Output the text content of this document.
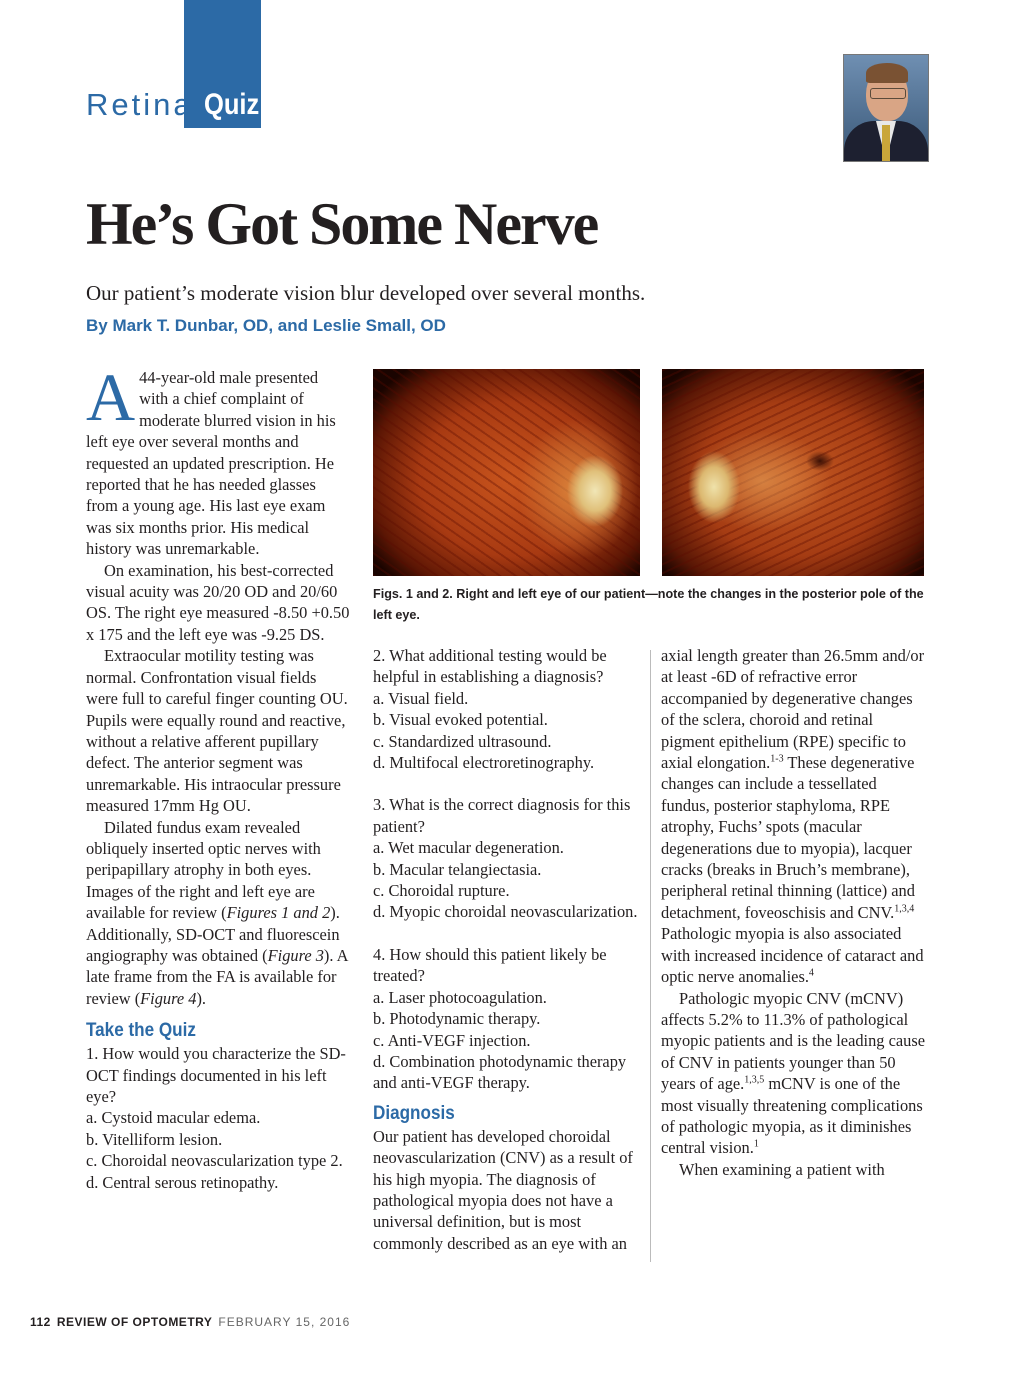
Retina Quiz
He’s Got Some Nerve
Our patient’s moderate vision blur developed over several months.
By Mark T. Dunbar, OD, and Leslie Small, OD

A 44-year-old male presented with a chief complaint of moderate blurred vision in his left eye over several months and requested an updated prescription. He reported that he has needed glasses from a young age. His last eye exam was six months prior. His medical history was unremarkable.

On examination, his best-corrected visual acuity was 20/20 OD and 20/60 OS. The right eye measured -8.50 +0.50 x 175 and the left eye was -9.25 DS.

Extraocular motility testing was normal. Confrontation visual fields were full to careful finger counting OU. Pupils were equally round and reactive, without a relative afferent pupillary defect. The anterior segment was unremarkable. His intraocular pressure measured 17mm Hg OU.

Dilated fundus exam revealed obliquely inserted optic nerves with peripapillary atrophy in both eyes. Images of the right and left eye are available for review (Figures 1 and 2). Additionally, SD-OCT and fluorescein angiography was obtained (Figure 3). A late frame from the FA is available for review (Figure 4).

Take the Quiz

1. How would you characterize the SD-OCT findings documented in his left eye?

a. Cystoid macular edema.

b. Vitelliform lesion.

c. Choroidal neovascularization type 2.

d. Central serous retinopathy.

Figs. 1 and 2. Right and left eye of our patient—note the changes in the posterior pole of the left eye.

2. What additional testing would be helpful in establishing a diagnosis?

a. Visual field.

b. Visual evoked potential.

c. Standardized ultrasound.

d. Multifocal electroretinography.

3. What is the correct diagnosis for this patient?

a. Wet macular degeneration.

b. Macular telangiectasia.

c. Choroidal rupture.

d. Myopic choroidal neovascularization.

4. How should this patient likely be treated?

a. Laser photocoagulation.

b. Photodynamic therapy.

c. Anti-VEGF injection.

d. Combination photodynamic therapy and anti-VEGF therapy.

Diagnosis

Our patient has developed choroidal neovascularization (CNV) as a result of his high myopia. The diagnosis of pathological myopia does not have a universal definition, but is most commonly described as an eye with an

axial length greater than 26.5mm and/or at least -6D of refractive error accompanied by degenerative changes of the sclera, choroid and retinal pigment epithelium (RPE) specific to axial elongation.$^{1-3}$ These degenerative changes can include a tessellated fundus, posterior staphyloma, RPE atrophy, Fuchs’ spots (macular degenerations due to myopia), lacquer cracks (breaks in Bruch’s membrane), peripheral retinal thinning (lattice) and detachment, foveoschisis and CNV.$^{1,3,4}$ Pathologic myopia is also associated with increased incidence of cataract and optic nerve anomalies.$^4$

Pathologic myopic CNV (mCNV) affects 5.2% to 11.3% of pathological myopic patients and is the leading cause of CNV in patients younger than 50 years of age.$^{1,3,5}$ mCNV is one of the most visually threatening complications of pathologic myopia, as it diminishes central vision.$^1$

When examining a patient with

112 REVIEW OF OPTOMETRY FEBRUARY 15, 2016
